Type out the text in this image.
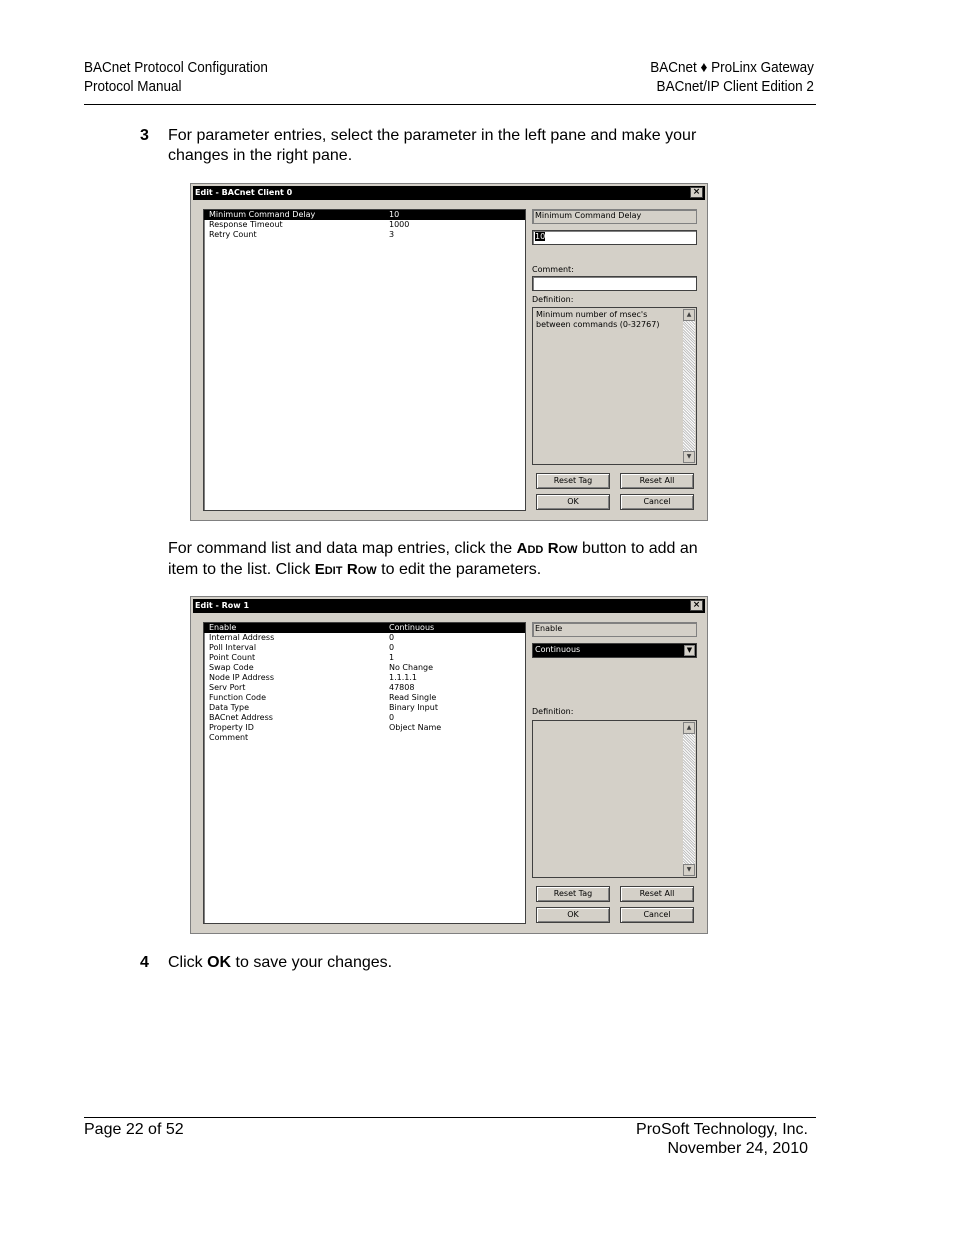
BACnet Protocol Configuration
Protocol Manual
BACnet ♦ ProLinx Gateway
BACnet/IP Client Edition 2
3 For parameter entries, select the parameter in the left pane and make your
changes in the right pane.
Edit - BACnet Client 0	×
Minimum Command Delay	10
Response Timeout	1000
Retry Count	3
Minimum Command Delay
10
Comment:
Definition:
Minimum number of msec's
between commands (0-32767)
▲
▼
Reset Tag	Reset All
OK	Cancel
For command list and data map entries, click the ADD ROW button to add an
item to the list. Click EDIT ROW to edit the parameters.
Edit - Row 1	×
Enable	Continuous
Internal Address	0
Poll Interval	0
Point Count	1
Swap Code	No Change
Node IP Address	1.1.1.1
Serv Port	47808
Function Code	Read Single
Data Type	Binary Input
BACnet Address	0
Property ID	Object Name
Comment
Enable
Continuous	▼
Definition:
▲
▼
Reset Tag	Reset All
OK	Cancel
4 Click OK to save your changes.
Page 22 of 52	ProSoft Technology, Inc.
November 24, 2010
